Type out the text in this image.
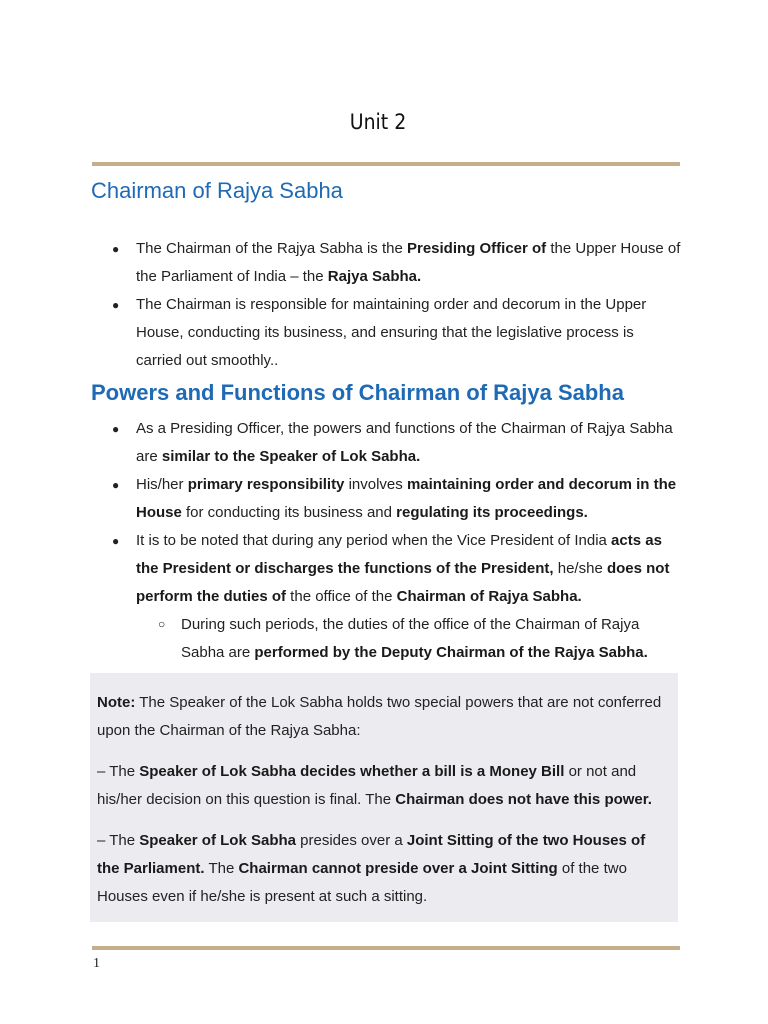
Unit 2
Chairman of Rajya Sabha
● The Chairman of the Rajya Sabha is the Presiding Officer of the Upper House of the Parliament of India – the Rajya Sabha.
● The Chairman is responsible for maintaining order and decorum in the Upper House, conducting its business, and ensuring that the legislative process is carried out smoothly..
Powers and Functions of Chairman of Rajya Sabha
● As a Presiding Officer, the powers and functions of the Chairman of Rajya Sabha are similar to the Speaker of Lok Sabha.
● His/her primary responsibility involves maintaining order and decorum in the House for conducting its business and regulating its proceedings.
● It is to be noted that during any period when the Vice President of India acts as the President or discharges the functions of the President, he/she does not perform the duties of the office of the Chairman of Rajya Sabha.
○ During such periods, the duties of the office of the Chairman of Rajya Sabha are performed by the Deputy Chairman of the Rajya Sabha.

Note: The Speaker of the Lok Sabha holds two special powers that are not conferred upon the Chairman of the Rajya Sabha:

– The Speaker of Lok Sabha decides whether a bill is a Money Bill or not and his/her decision on this question is final. The Chairman does not have this power.

– The Speaker of Lok Sabha presides over a Joint Sitting of the two Houses of the Parliament. The Chairman cannot preside over a Joint Sitting of the two Houses even if he/she is present at such a sitting.

1
